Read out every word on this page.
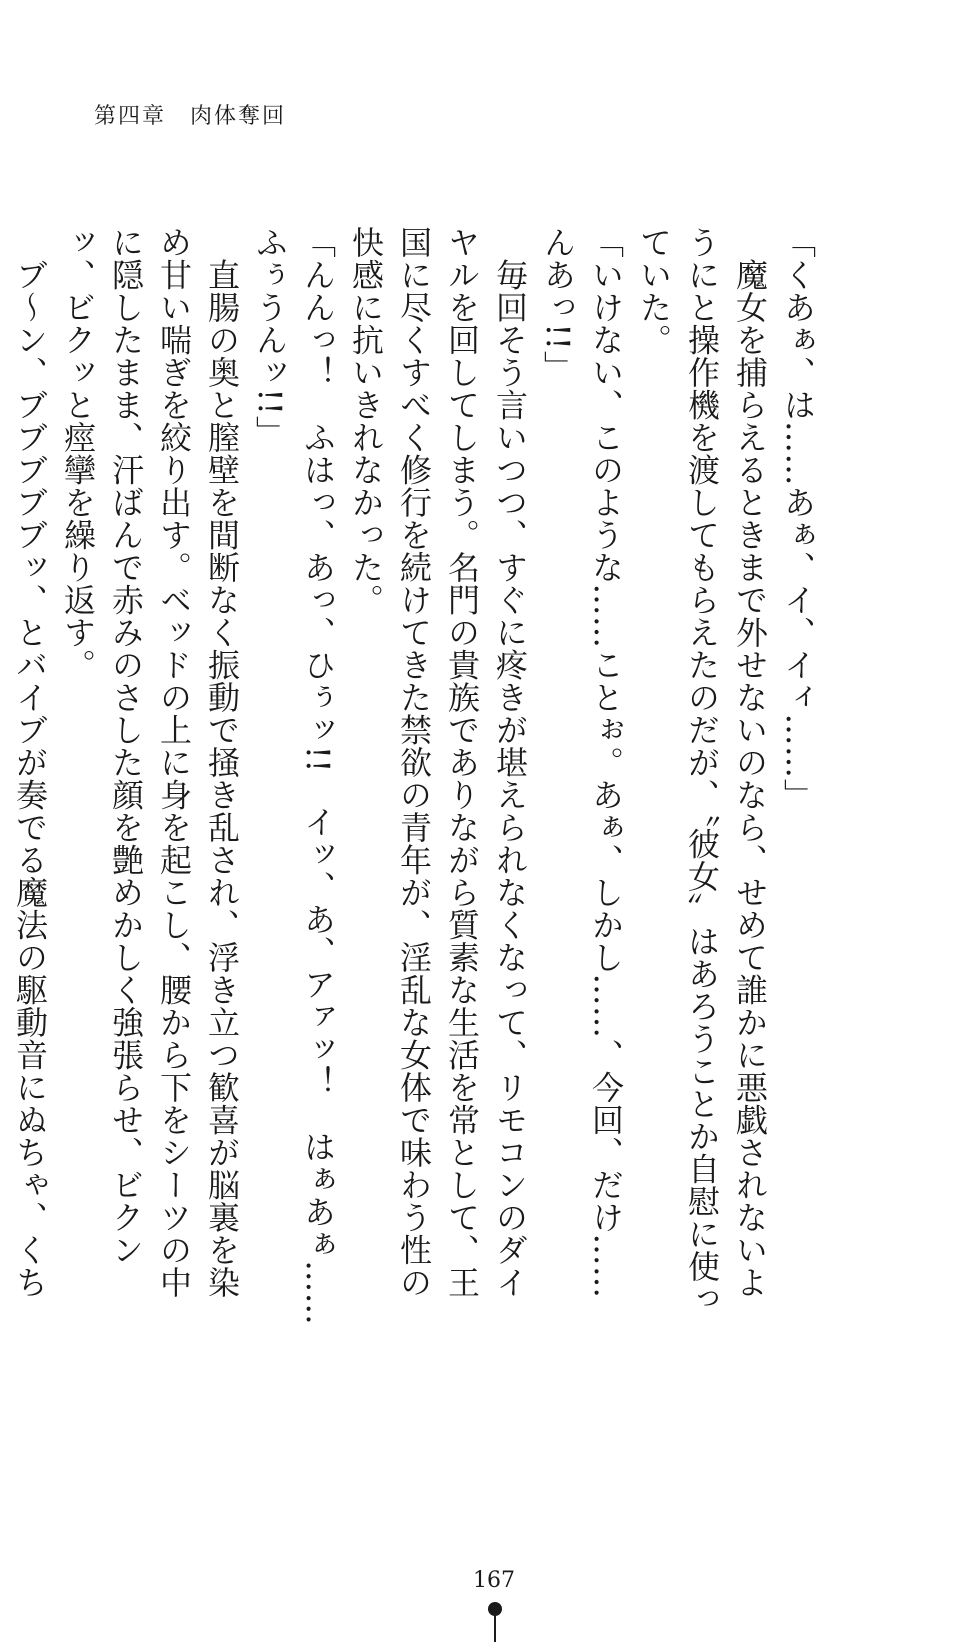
第四章　肉体奪回

「くあぁ、は……あぁ、イ、イィ……」

　魔女を捕らえるときまで外せないのなら、せめて誰かに悪戯されないようにと操作機を渡してもらえたのだが、〝彼女〟はあろうことか自慰に使っていた。

「いけない、このような……ことぉ。あぁ、しかし……、今回、だけ……んあっ!!」

　毎回そう言いつつ、すぐに疼きが堪えられなくなって、リモコンのダイヤルを回してしまう。名門の貴族でありながら質素な生活を常として、王国に尽くすべく修行を続けてきた禁欲の青年が、淫乱な女体で味わう性の快感に抗いきれなかった。

「んんっ！　ふはっ、あっ、ひぅッ!!　イッ、あ、アァッ！　はぁあぁ……ふぅうんッ!!」

　直腸の奥と膣壁を間断なく振動で掻き乱され、浮き立つ歓喜が脳裏を染め甘い喘ぎを絞り出す。ベッドの上に身を起こし、腰から下をシーツの中に隠したまま、汗ばんで赤みのさした顔を艶めかしく強張らせ、ビクンッ、ビクッと痙攣を繰り返す。

　ブ～ン、ブブブブブッ、とバイブが奏でる魔法の駆動音にぬちゃ、くち

167
